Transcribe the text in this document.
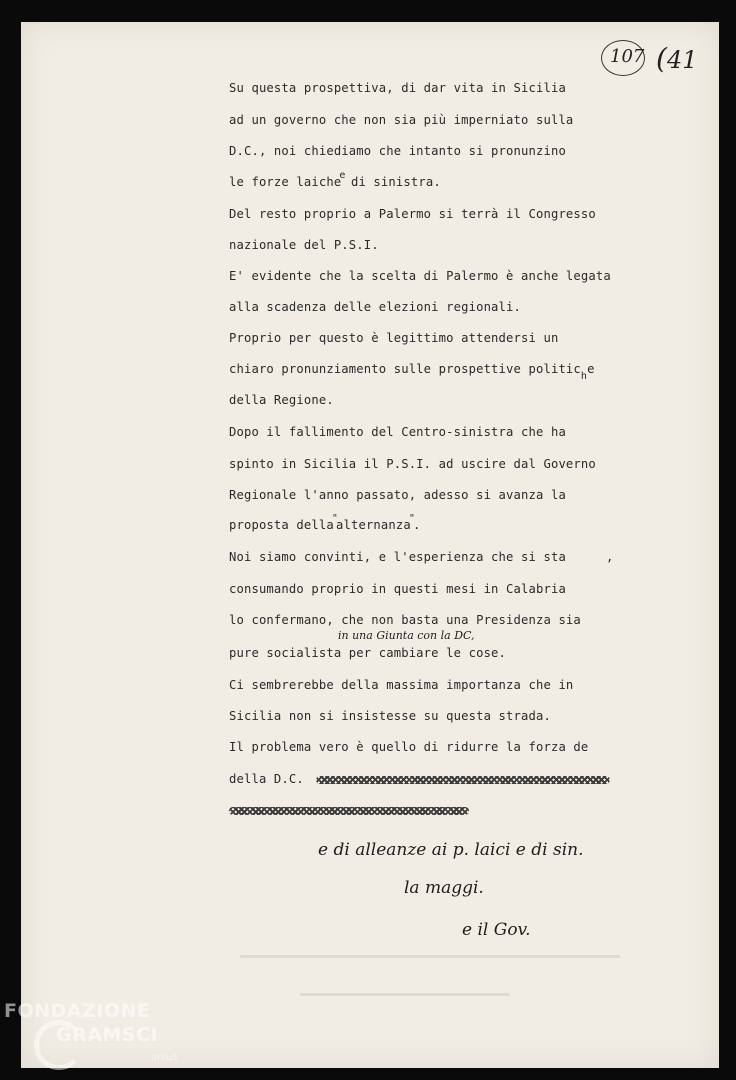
107 (41
Su questa prospettiva, di dar vita in Sicilia
ad un governo che non sia più imperniato sulla
D.C., noi chiediamo che intanto si pronunzino
le forze laiche$^e$ di sinistra.
Del resto proprio a Palermo si terrà il Congresso
nazionale del P.S.I.
E' evidente che la scelta di Palermo è anche legata
alla scadenza delle elezioni regionali.
Proprio per questo è legittimo attendersi un
chiaro pronunziamento sulle prospettive politic$_h$e
della Regione.
Dopo il fallimento del Centro-sinistra che ha
spinto in Sicilia il P.S.I. ad uscire dal Governo
Regionale l'anno passato, adesso si avanza la
proposta della"alternanza".
Noi siamo convinti, e l'esperienza che si sta	,
consumando proprio in questi mesi in Calabria
lo confermano, che non basta una Presidenza sia
in una Giunta con la DC,
pure socialista per cambiare le cose.
Ci sembrerebbe della massima importanza che in
Sicilia non si insistesse su questa strada.
Il problema vero è quello di ridurre la forza de
della D.C.
e di alleanze ai p. laici e di sin.
la maggi.
e il Gov.
FONDAZIONE
GRAMSCI
onlus
